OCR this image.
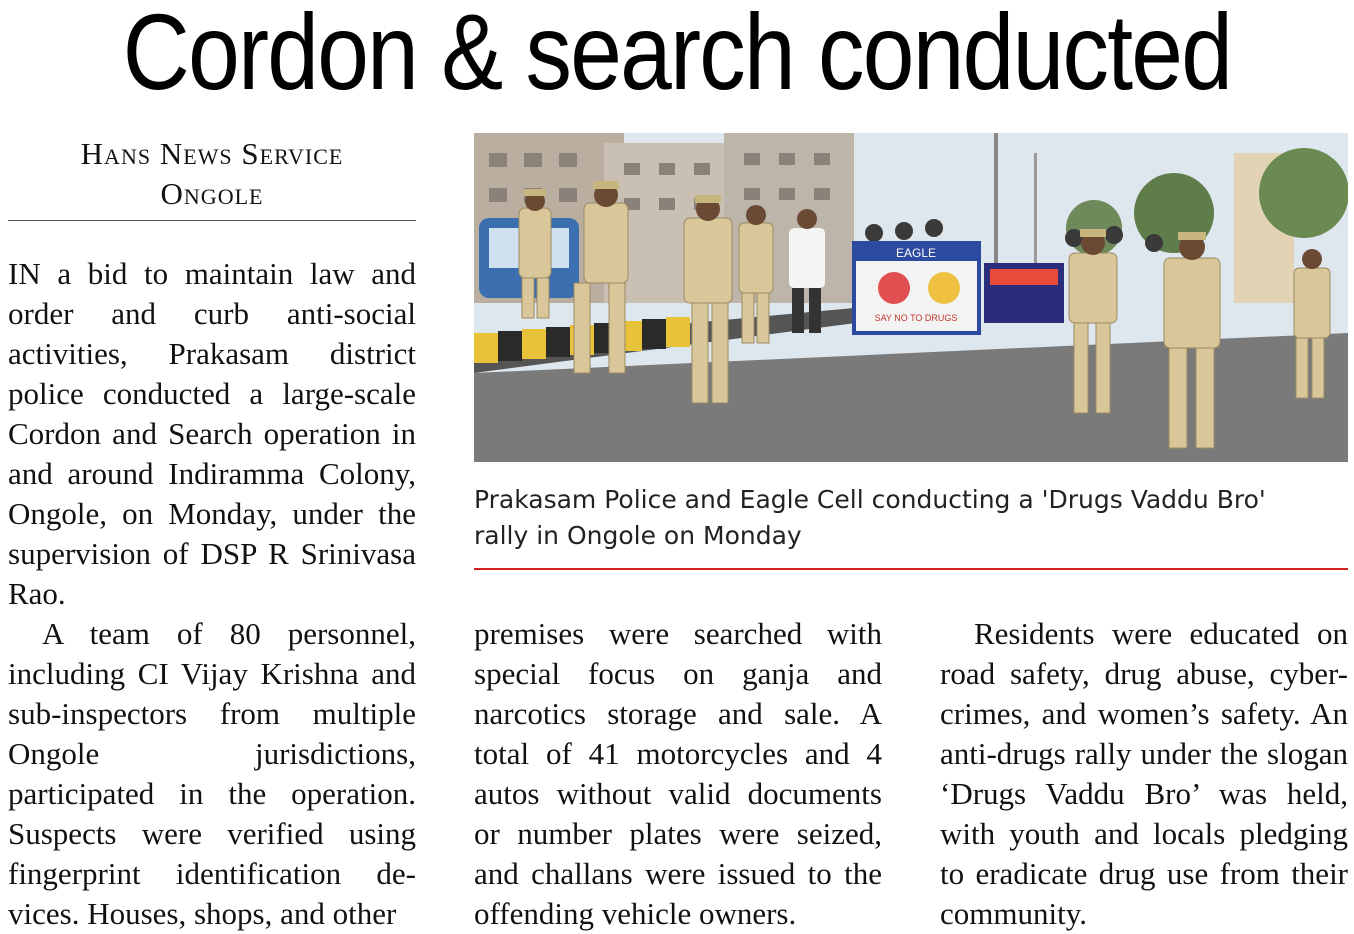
Cordon & search conducted
Hans News Service
Ongole

IN a bid to maintain law and order and curb anti-social activities, Prakasam district police conducted a large-scale Cordon and Search operation in and around Indiramma Colony, Ongole, on Monday, under the supervision of DSP R Srinivasa Rao.

A team of 80 personnel, including CI Vijay Krishna and sub-inspectors from multiple Ongole jurisdictions, participated in the operation. Suspects were verified using fingerprint identification devices. Houses, shops, and other

EAGLE
SAY NO TO DRUGS
Prakasam Police and Eagle Cell conducting a 'Drugs Vaddu Bro'
rally in Ongole on Monday

premises were searched with special focus on ganja and narcotics storage and sale. A total of 41 motorcycles and 4 autos without valid documents or number plates were seized, and challans were issued to the offending vehicle owners.

Residents were educated on road safety, drug abuse, cyber-crimes, and women’s safety. An anti-drugs rally under the slogan ‘Drugs Vaddu Bro’ was held, with youth and locals pledging to eradicate drug use from their community.
